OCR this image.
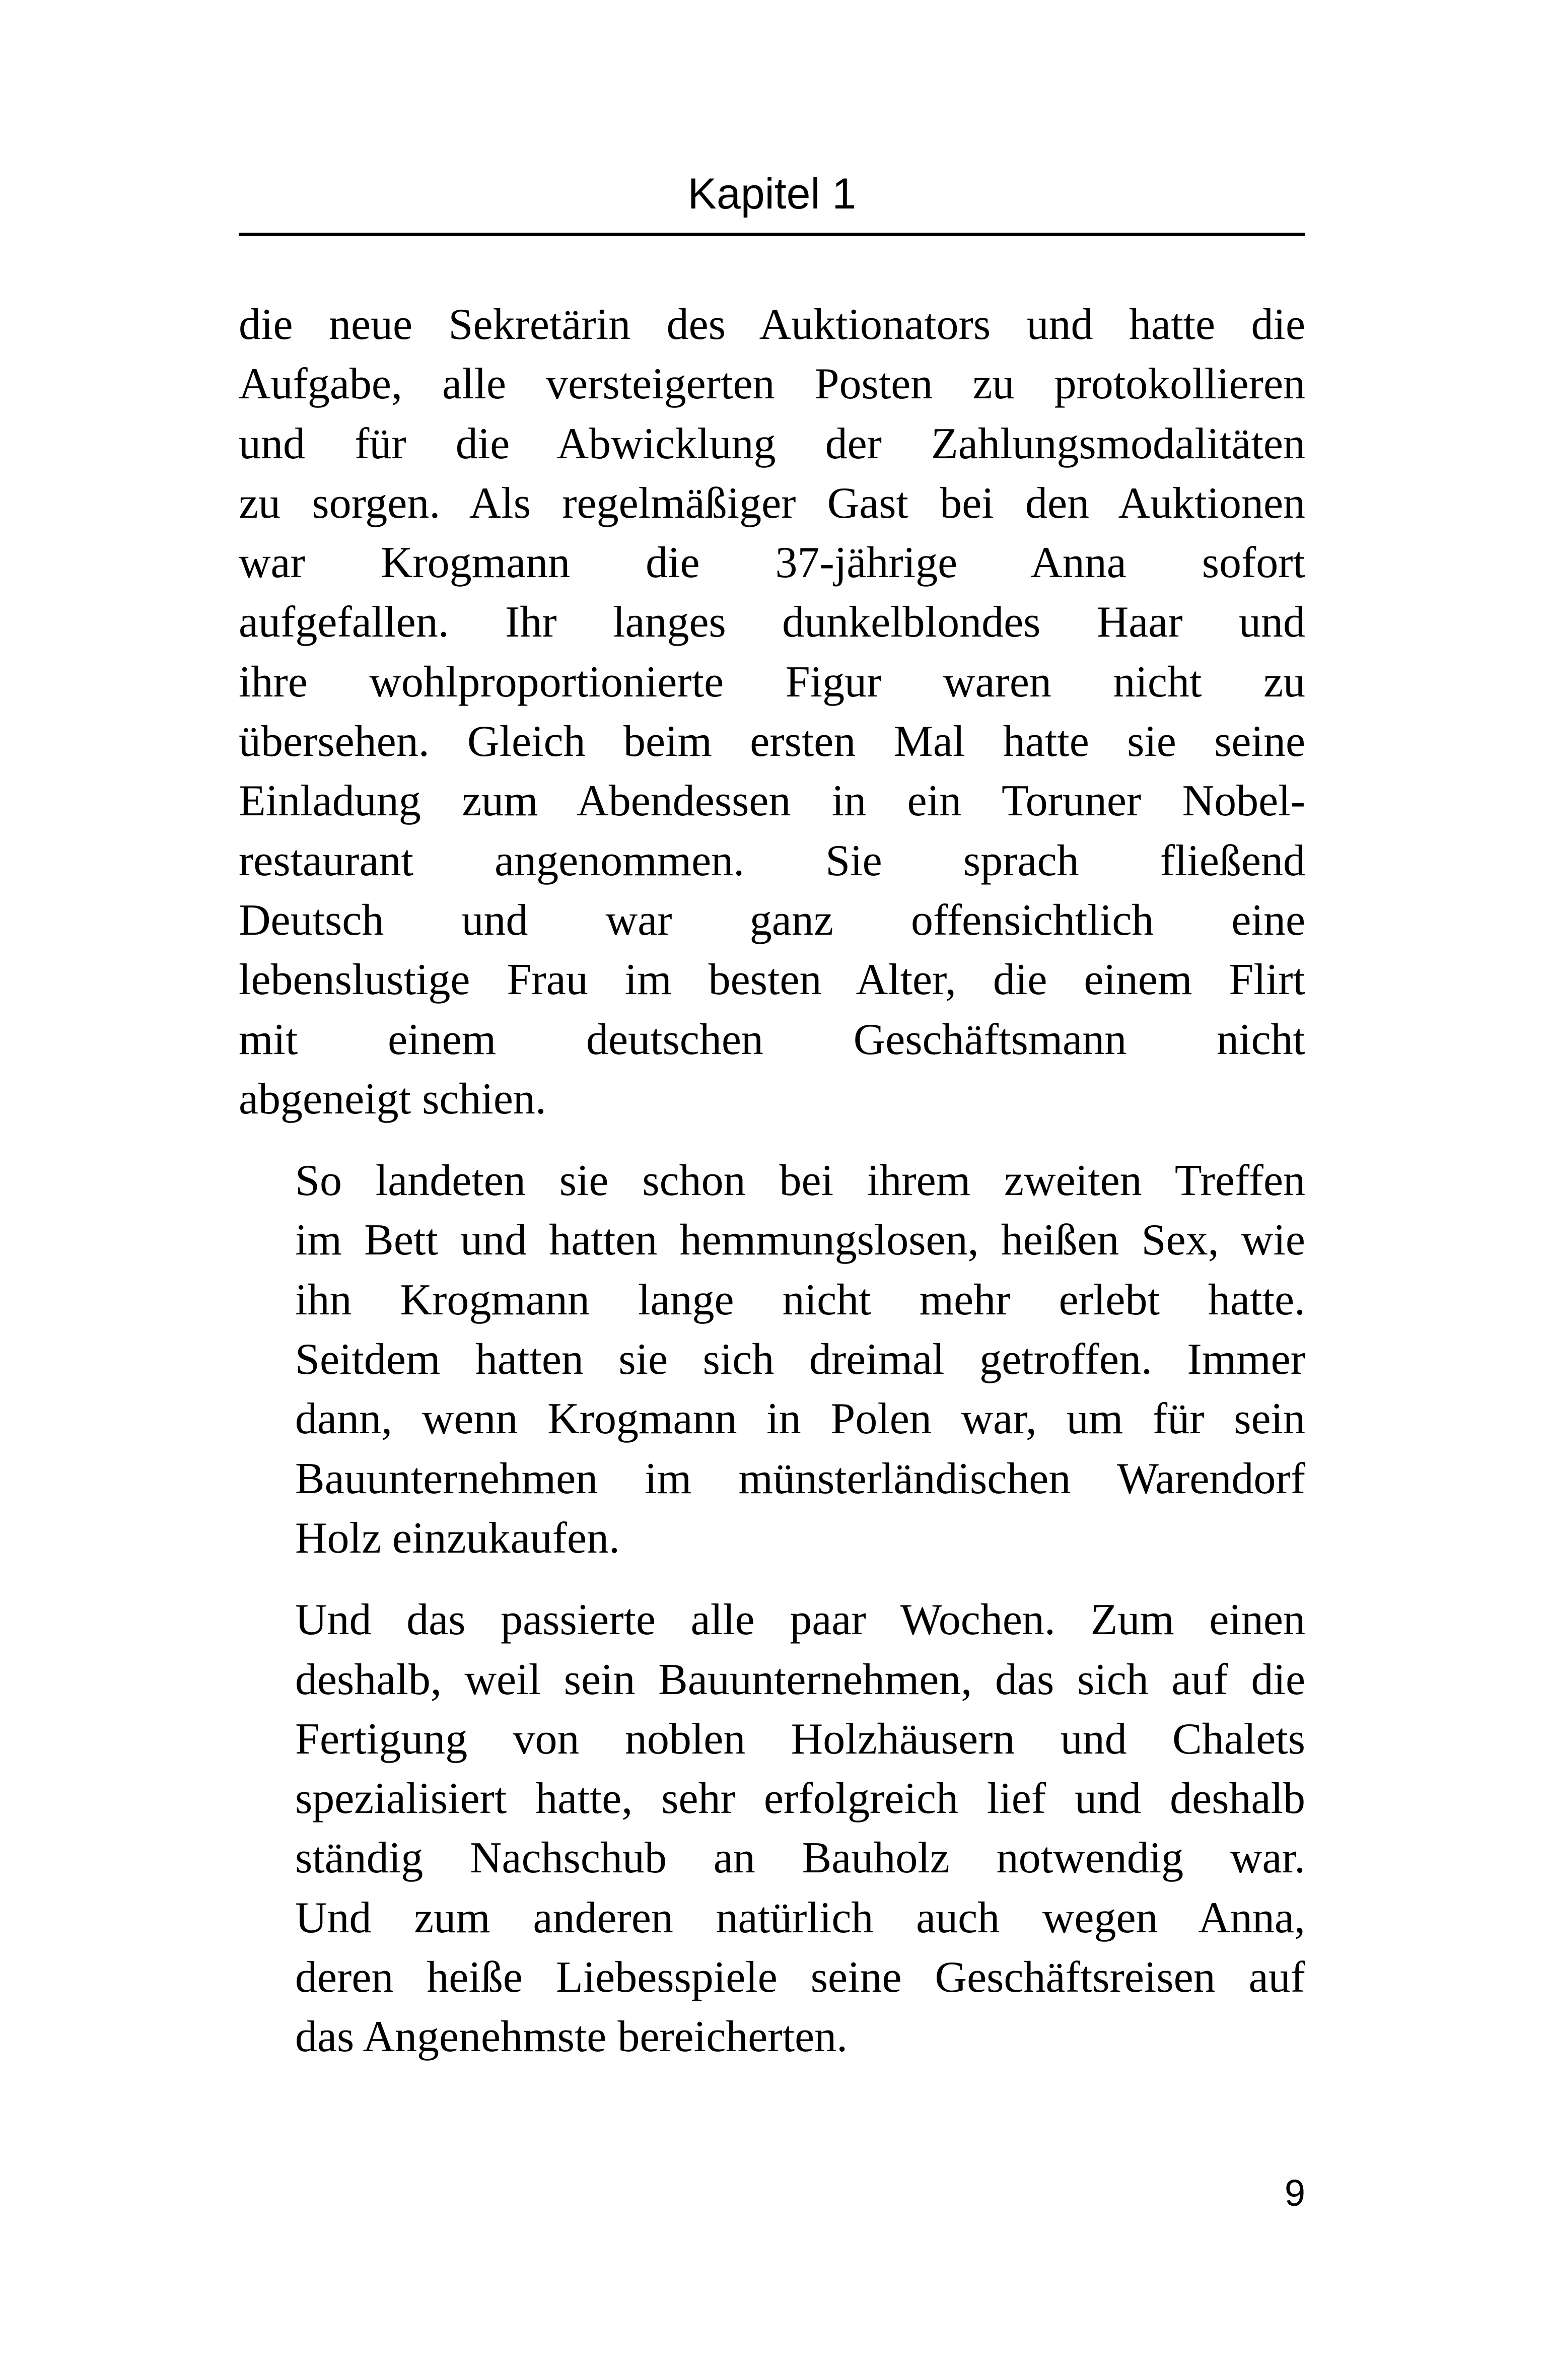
Kapitel 1

die neue Sekretärin des Auktionators und hatte die
Aufgabe, alle versteigerten Posten zu protokollieren
und für die Abwicklung der Zahlungsmodalitäten
zu sorgen. Als regelmäßiger Gast bei den Auktionen
war Krogmann die 37-jährige Anna sofort
aufgefallen. Ihr langes dunkelblondes Haar und
ihre wohlproportionierte Figur waren nicht zu
übersehen. Gleich beim ersten Mal hatte sie seine
Einladung zum Abendessen in ein Toruner Nobel-
restaurant angenommen. Sie sprach fließend
Deutsch und war ganz offensichtlich eine
lebenslustige Frau im besten Alter, die einem Flirt
mit einem deutschen Geschäftsmann nicht
abgeneigt schien.

So landeten sie schon bei ihrem zweiten Treffen
im Bett und hatten hemmungslosen, heißen Sex, wie
ihn Krogmann lange nicht mehr erlebt hatte.
Seitdem hatten sie sich dreimal getroffen. Immer
dann, wenn Krogmann in Polen war, um für sein
Bauunternehmen im münsterländischen Warendorf
Holz einzukaufen.

Und das passierte alle paar Wochen. Zum einen
deshalb, weil sein Bauunternehmen, das sich auf die
Fertigung von noblen Holzhäusern und Chalets
spezialisiert hatte, sehr erfolgreich lief und deshalb
ständig Nachschub an Bauholz notwendig war.
Und zum anderen natürlich auch wegen Anna,
deren heiße Liebesspiele seine Geschäftsreisen auf
das Angenehmste bereicherten.

9
